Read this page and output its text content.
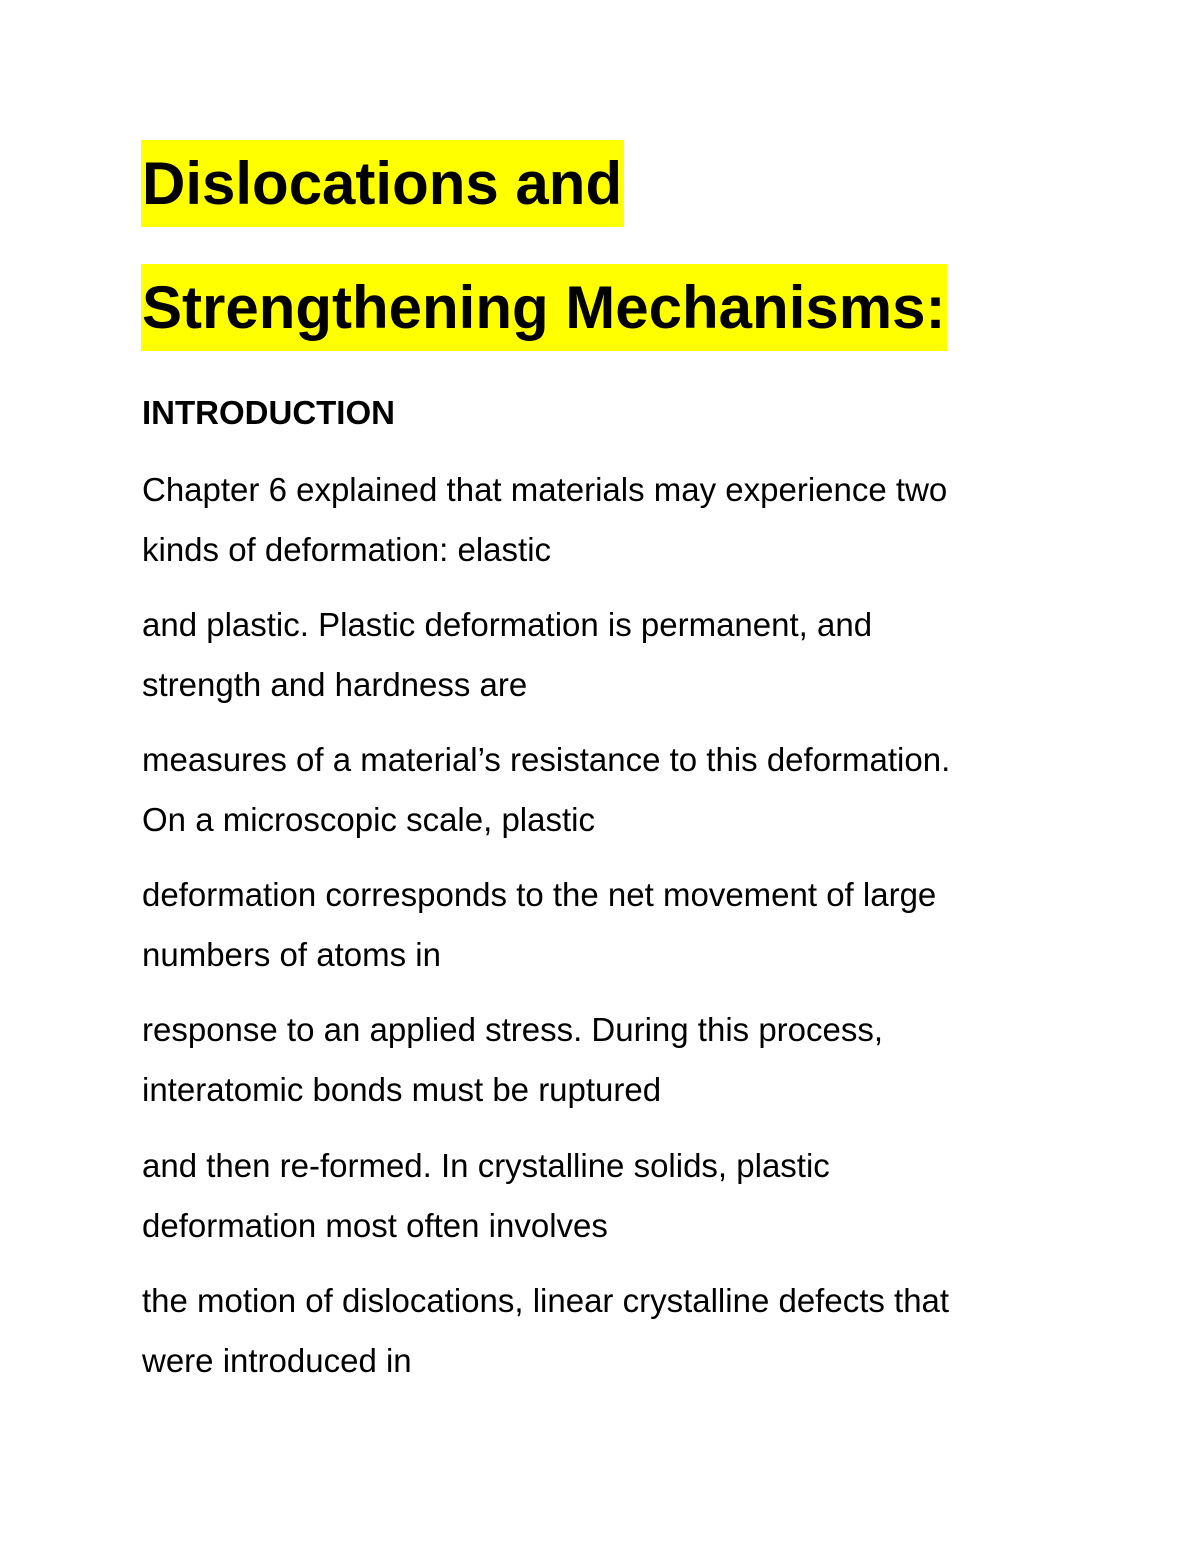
Dislocations and
Strengthening Mechanisms:
INTRODUCTION
Chapter 6 explained that materials may experience two
kinds of deformation: elastic
and plastic. Plastic deformation is permanent, and
strength and hardness are
measures of a material’s resistance to this deformation.
On a microscopic scale, plastic
deformation corresponds to the net movement of large
numbers of atoms in
response to an applied stress. During this process,
interatomic bonds must be ruptured
and then re-formed. In crystalline solids, plastic
deformation most often involves
the motion of dislocations, linear crystalline defects that
were introduced in
